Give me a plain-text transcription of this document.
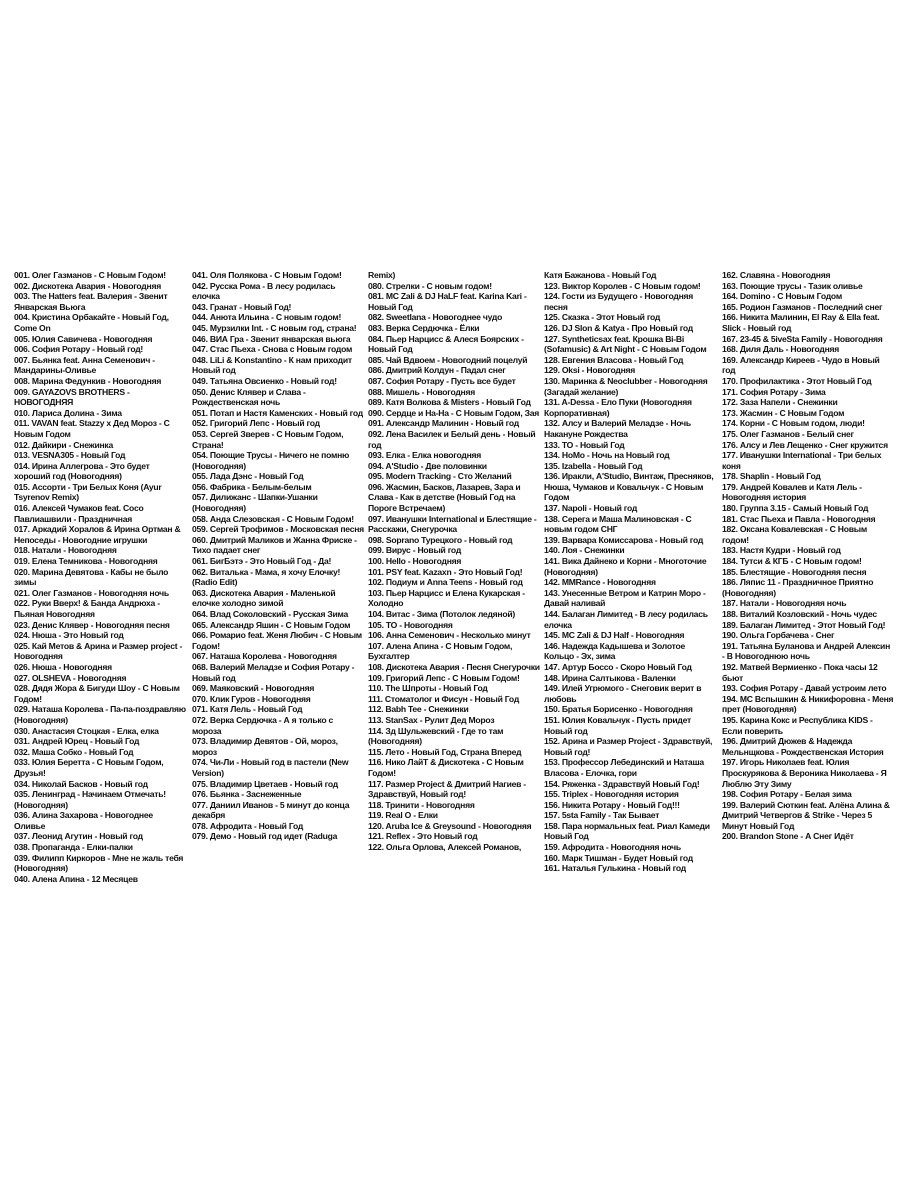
001. Олег Газманов - С Новым Годом!
002. Дискотека Авария - Новогодняя
003. The Hatters feat. Валерия - Звенит Январская Вьюга
004. Кристина Орбакайте - Новый Год, Come On
005. Юлия Савичева - Новогодняя
006. София Ротару - Новый год!
007. Бьянка feat. Анна Семенович - Мандарины-Оливье
008. Марина Федункив - Новогодняя
009. GAYAZOVS BROTHERS - НОВОГОДНЯЯ
010. Лариса Долина - Зима
011. VAVAN feat. Stazzy x Дед Мороз - С Новым Годом
012. Дайкири - Снежинка
013. VESNA305 - Новый Год
014. Ирина Аллегрова - Это будет хороший год (Новогодняя)
015. Ассорти - Три Белых Коня (Ayur Tsyrenov Remix)
016. Алексей Чумаков feat. Coco Павлиашвили - Праздничная
017. Аркадий Хоралов & Ирина Ортман & Непоседы - Новогодние игрушки
018. Натали - Новогодняя
019. Елена Темникова - Новогодняя
020. Марина Девятова - Кабы не было зимы
021. Олег Газманов - Новогодняя ночь
022. Руки Вверх! & Банда Андрюха - Пьяная Новогодняя
023. Денис Клявер - Новогодняя песня
024. Нюша - Это Новый год
025. Кай Метов & Арина и Размер project - Новогодняя
026. Нюша - Новогодняя
027. OLSHEVA - Новогодняя
028. Дядя Жора & Бигуди Шоу - С Новым Годом!
029. Наташа Королева - Па-па-поздравляю (Новогодняя)
030. Анастасия Стоцкая - Елка, елка
031. Андрей Юрец - Новый Год
032. Маша Собко - Новый Год
033. Юлия Беретта - С Новым Годом, Друзья!
034. Николай Басков - Новый год
035. Ленинград - Начинаем Отмечать! (Новогодняя)
036. Алина Захарова - Новогоднее Оливье
037. Леонид Агутин - Новый год
038. Пропаганда - Елки-палки
039. Филипп Киркоров - Мне не жаль тебя (Новогодняя)
040. Алена Апина - 12 Месяцев
041. Оля Полякова - С Новым Годом!
042. Русска Рома - В лесу родилась елочка
043. Гранат - Новый Год!
044. Анюта Ильина - С новым годом!
045. Мурзилки Int. - С новым год, страна!
046. ВИА Гра - Звенит январская вьюга
047. Стас Пьеха - Снова с Новым годом
048. LiLi & Konstantino - К нам приходит Новый год
049. Татьяна Овсиенко - Новый год!
050. Денис Клявер и Слава - Рождественская ночь
051. Потап и Настя Каменских - Новый год
052. Григорий Лепс - Новый год
053. Сергей Зверев - С Новым Годом, Страна!
054. Поющие Трусы - Ничего не помню (Новогодняя)
055. Лада Дэнс - Новый Год
056. Фабрика - Белым-белым
057. Дилижанс - Шапки-Ушанки (Новогодняя)
058. Анда Слезовская - С Новым Годом!
059. Сергей Трофимов - Московская песня
060. Дмитрий Маликов и Жанна Фриске - Тихо падает снег
061. БигБэтэ - Это Новый Год - Да!
062. Виталька - Мама, я хочу Елочку! (Radio Edit)
063. Дискотека Авария - Маленькой елочке холодно зимой
064. Влад Соколовский - Русская Зима
065. Александр Яшин - С Новым Годом
066. Ромарио feat. Женя Любич - С Новым Годом!
067. Наташа Королева - Новогодняя
068. Валерий Меладзе и София Ротару - Новый год
069. Маяковский - Новогодняя
070. Клик Гуров - Новогодняя
071. Катя Лель - Новый Год
072. Верка Сердючка - А я только с мороза
073. Владимир Девятов - Ой, мороз, мороз
074. Чи-Ли - Новый год в пастели (New Version)
075. Владимир Цветаев - Новый год
076. Бьянка - Заснеженные
077. Даниил Иванов - 5 минут до конца декабря
078. Афродита - Новый Год
079. Демо - Новый год идет (Raduga
Remix)
080. Стрелки - С новым годом!
081. MC Zali & DJ HaLF feat. Karina Kari - Новый Год
082. Sweetlana - Новогоднее чудо
083. Верка Сердючка - Ёлки
084. Пьер Нарцисс & Алеся Боярских - Новый Год
085. Чай Вдвоем - Новогодний поцелуй
086. Дмитрий Колдун - Падал снег
087. София Ротару - Пусть все будет
088. Мишель - Новогодняя
089. Катя Волкова & Misters - Новый Год
090. Сердце и На-На - С Новым Годом, Зая
091. Александр Малинин - Новый год
092. Лена Василек и Белый день - Новый год
093. Елка - Елка новогодняя
094. A'Studio - Две половинки
095. Modern Tracking - Сто Желаний
096. Жасмин, Басков, Лазарев, Зара и Слава - Как в детстве (Новый Год на Пороге Встречаем)
097. Иванушки International и Блестящие - Расскажи, Снегурочка
098. Soprano Турецкого - Новый год
099. Вирус - Новый год
100. Hello - Новогодняя
101. PSY feat. Kazaxn - Это Новый Год!
102. Подиум и Anna Teens - Новый год
103. Пьер Нарцисс и Елена Кукарская - Холодно
104. Витас - Зима (Потолок ледяной)
105. ТО - Новогодняя
106. Анна Семенович - Несколько минут
107. Алена Апина - С Новым Годом, Бухгалтер
108. Дискотека Авария - Песня Снегурочки
109. Григорий Лепс - С Новым Годом!
110. The Шпроты - Новый Год
111. Стоматолог и Фисун - Новый Год
112. Babh Tee - Снежинки
113. StanSax - Рулит Дед Мороз
114. Зд Шульжевский - Где то там (Новогодняя)
115. Лето - Новый Год, Страна Вперед
116. Нико ЛайТ & Дискотека - С Новым Годом!
117. Размер Project & Дмитрий Нагиев - Здравствуй, Новый год!
118. Тринити - Новогодняя
119. Real O - Елки
120. Aruba Ice & Greysound - Новогодняя
121. Reflex - Это Новый год
122. Ольга Орлова, Алексей Романов,
Катя Бажанова - Новый Год
123. Виктор Королев - С Новым годом!
124. Гости из Будущего - Новогодняя песня
125. Сказка - Этот Новый год
126. DJ Slon & Katya - Про Новый год
127. Syntheticsax feat. Крошка Bi-Bi (Sofamusic) & Art Night - С Новым Годом
128. Евгения Власова - Новый Год
129. Oksi - Новогодняя
130. Маринка & Neoclubber - Новогодняя (Загадай желание)
131. A-Dessa - Ело Пуки (Новогодняя Корпоративная)
132. Алсу и Валерий Меладзе - Ночь Накануне Рождества
133. ТО - Новый Год
134. НоМо - Ночь на Новый год
135. Izabella - Новый Год
136. Иракли, A'Studio, Винтаж, Пресняков, Нюша, Чумаков и Ковальчук - С Новым Годом
137. Napoli - Новый год
138. Серега и Маша Малиновская - С новым годом СНГ
139. Варвара Комиссарова - Новый год
140. Лоя - Снежинки
141. Вика Дайнеко и Корни - Многоточие (Новогодняя)
142. MMRance - Новогодняя
143. Унесенные Ветром и Катрин Моро - Давай наливай
144. Балаган Лимитед - В лесу родилась елочка
145. MC Zali & DJ Half - Новогодняя
146. Надежда Кадышева и Золотое Кольцо - Эх, зима
147. Артур Боссо - Скоро Новый Год
148. Ирина Салтыкова - Валенки
149. Илей Угрюмого - Снеговик верит в любовь
150. Братья Борисенко - Новогодняя
151. Юлия Ковальчук - Пусть придет Новый год
152. Арина и Размер Project - Здравствуй, Новый год!
153. Профессор Лебединский и Наташа Власова - Елочка, гори
154. Ряженка - Здравствуй Новый Год!
155. Triplex - Новогодняя история
156. Никита Ротару - Новый Год!!!
157. 5sta Family - Так Бывает
158. Пара нормальных feat. Риал Камеди Новый Год
159. Афродита - Новогодняя ночь
160. Марк Тишман - Будет Новый год
161. Наталья Гулькина - Новый год
162. Славяна - Новогодняя
163. Поющие трусы - Тазик оливье
164. Domino - С Новым Годом
165. Родион Газманов - Последний снег
166. Никита Малинин, El Ray & Ella feat. Slick - Новый год
167. 23-45 & 5iveSta Family - Новогодняя
168. Диля Даль - Новогодняя
169. Александр Киреев - Чудо в Новый год
170. Профилактика - Этот Новый Год
171. София Ротару - Зима
172. Заза Напели - Снежинки
173. Жасмин - С Новым Годом
174. Корни - С Новым годом, люди!
175. Олег Газманов - Белый снег
176. Алсу и Лев Лещенко - Снег кружится
177. Иванушки International - Три белых коня
178. Shaplin - Новый Год
179. Андрей Ковалев и Катя Лель - Новогодняя история
180. Группа 3.15 - Самый Новый Год
181. Стас Пьеха и Павла - Новогодняя
182. Оксана Ковалевская - С Новым годом!
183. Настя Кудри - Новый год
184. Тутси & КГБ - С Новым годом!
185. Блестящие - Новогодняя песня
186. Ляпис 11 - Праздничное Приятно (Новогодняя)
187. Натали - Новогодняя ночь
188. Виталий Козловский - Ночь чудес
189. Балаган Лимитед - Этот Новый Год!
190. Ольга Горбачева - Снег
191. Татьяна Буланова и Андрей Алексин - В Новогоднюю ночь
192. Матвей Вермиенко - Пока часы 12 бьют
193. София Ротару - Давай устроим лето
194. МС Вспышкин & Никифоровна - Меня прет (Новогодняя)
195. Карина Кокс и Республика KIDS - Если поверить
196. Дмитрий Дюжев & Надежда Мельнщкова - Рождественская История
197. Игорь Николаев feat. Юлия Проскурякова & Вероника Николаева - Я Люблю Эту Зиму
198. София Ротару - Белая зима
199. Валерий Сюткин feat. Алёна Алина & Дмитрий Четвергов & Strike - Через 5 Минут Новый Год
200. Brandon Stone - А Снег Идёт
